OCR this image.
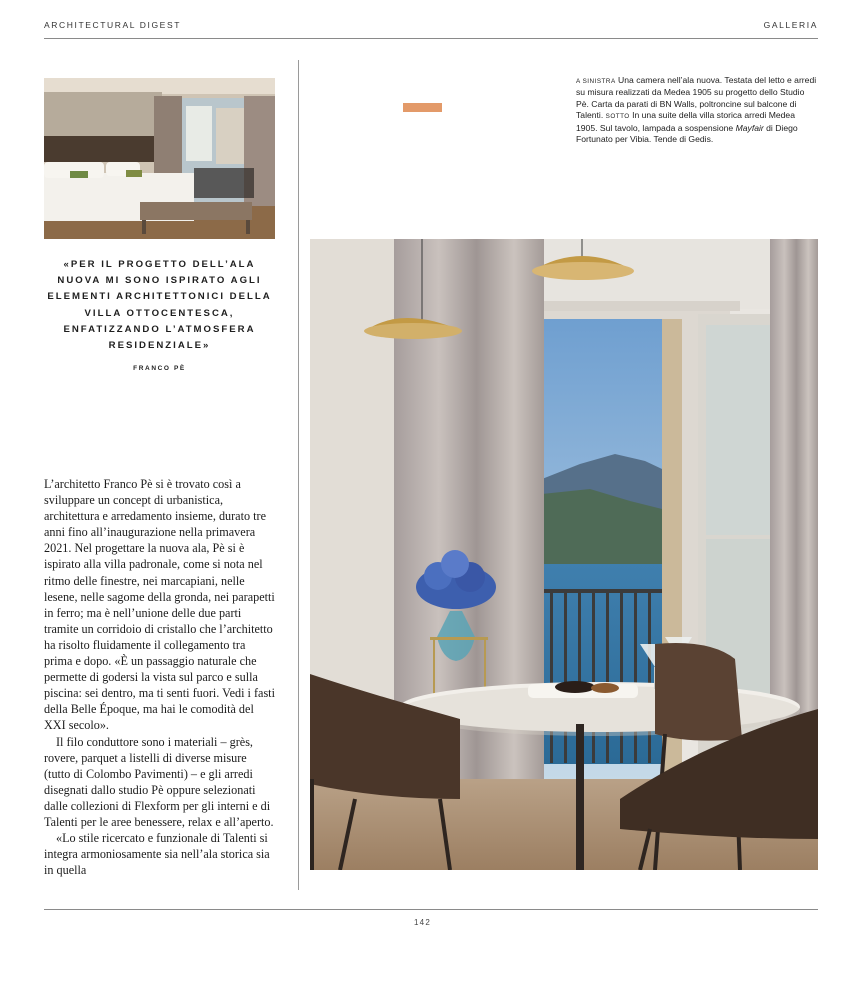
ARCHITECTURAL DIGEST	GALLERIA

«PER IL PROGETTO DELL’ALA NUOVA MI SONO ISPIRATO AGLI ELEMENTI ARCHITETTONICI DELLA VILLA OTTOCENTESCA, ENFATIZZANDO L’ATMOSFERA RESIDENZIALE»

FRANCO PÈ

L’architetto Franco Pè si è trovato così a sviluppare un concept di urbanistica, architettura e arredamento insieme, durato tre anni fino all’inaugurazione nella primavera 2021. Nel progettare la nuova ala, Pè si è ispirato alla villa padronale, come si nota nel ritmo delle finestre, nei marcapiani, nelle lesene, nelle sagome della gronda, nei parapetti in ferro; ma è nell’unione delle due parti tramite un corridoio di cristallo che l’architetto ha risolto fluidamente il collegamento tra prima e dopo. «È un passaggio naturale che permette di godersi la vista sul parco e sulla piscina: sei dentro, ma ti senti fuori. Vedi i fasti della Belle Époque, ma hai le comodità del XXI secolo».

Il filo conduttore sono i materiali – grès, rovere, parquet a listelli di diverse misure (tutto di Colombo Pavimenti) – e gli arredi disegnati dallo studio Pè oppure selezionati dalle collezioni di Flexform per gli interni e di Talenti per le aree benessere, relax e all’aperto.

«Lo stile ricercato e funzionale di Talenti si integra armoniosamente sia nell’ala storica sia in quella

A SINISTRA Una camera nell’ala nuova. Testata del letto e arredi su misura realizzati da Medea 1905 su progetto dello Studio Pè. Carta da parati di BN Walls, poltroncine sul balcone di Talenti. SOTTO In una suite della villa storica arredi Medea 1905. Sul tavolo, lampada a sospensione Mayfair di Diego Fortunato per Vibia. Tende di Gedis.
142
